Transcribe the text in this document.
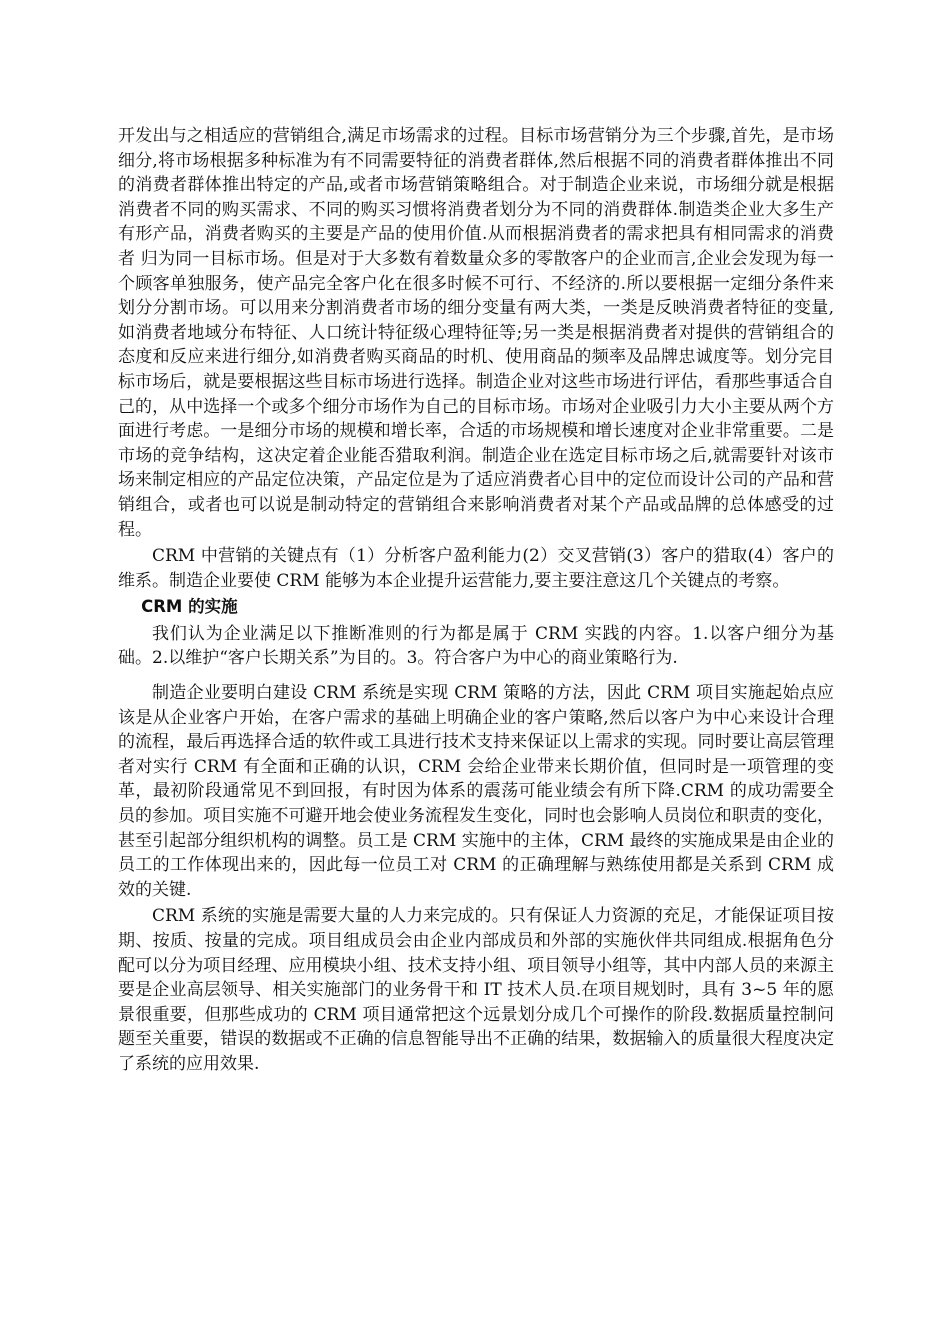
开发出与之相适应的营销组合,满足市场需求的过程。目标市场营销分为三个步骤,首先，是市场细分,将市场根据多种标准为有不同需要特征的消费者群体,然后根据不同的消费者群体推出不同的消费者群体推出特定的产品,或者市场营销策略组合。对于制造企业来说，市场细分就是根据消费者不同的购买需求、不同的购买习惯将消费者划分为不同的消费群体.制造类企业大多生产有形产品，消费者购买的主要是产品的使用价值.从而根据消费者的需求把具有相同需求的消费者 归为同一目标市场。但是对于大多数有着数量众多的零散客户的企业而言,企业会发现为每一个顾客单独服务，使产品完全客户化在很多时候不可行、不经济的.所以要根据一定细分条件来划分分割市场。可以用来分割消费者市场的细分变量有两大类，一类是反映消费者特征的变量,如消费者地域分布特征、人口统计特征级心理特征等;另一类是根据消费者对提供的营销组合的态度和反应来进行细分,如消费者购买商品的时机、使用商品的频率及品牌忠诚度等。划分完目标市场后，就是要根据这些目标市场进行选择。制造企业对这些市场进行评估，看那些事适合自己的，从中选择一个或多个细分市场作为自己的目标市场。市场对企业吸引力大小主要从两个方面进行考虑。一是细分市场的规模和增长率，合适的市场规模和增长速度对企业非常重要。二是市场的竞争结构，这决定着企业能否猎取利润。制造企业在选定目标市场之后,就需要针对该市场来制定相应的产品定位决策，产品定位是为了适应消费者心目中的定位而设计公司的产品和营销组合，或者也可以说是制动特定的营销组合来影响消费者对某个产品或品牌的总体感受的过程。

CRM 中营销的关键点有（1）分析客户盈利能力(2）交叉营销(3）客户的猎取(4）客户的维系。制造企业要使 CRM 能够为本企业提升运营能力,要主要注意这几个关键点的考察。

CRM 的实施

我们认为企业满足以下推断准则的行为都是属于 CRM 实践的内容。1.以客户细分为基础。2.以维护“客户长期关系”为目的。3。符合客户为中心的商业策略行为.

制造企业要明白建设 CRM 系统是实现 CRM 策略的方法，因此 CRM 项目实施起始点应该是从企业客户开始，在客户需求的基础上明确企业的客户策略,然后以客户为中心来设计合理的流程，最后再选择合适的软件或工具进行技术支持来保证以上需求的实现。同时要让高层管理者对实行 CRM 有全面和正确的认识，CRM 会给企业带来长期价值，但同时是一项管理的变革，最初阶段通常见不到回报，有时因为体系的震荡可能业绩会有所下降.CRM 的成功需要全员的参加。项目实施不可避开地会使业务流程发生变化，同时也会影响人员岗位和职责的变化，甚至引起部分组织机构的调整。员工是 CRM 实施中的主体，CRM 最终的实施成果是由企业的员工的工作体现出来的，因此每一位员工对 CRM 的正确理解与熟练使用都是关系到 CRM 成效的关键.

CRM 系统的实施是需要大量的人力来完成的。只有保证人力资源的充足，才能保证项目按期、按质、按量的完成。项目组成员会由企业内部成员和外部的实施伙伴共同组成.根据角色分配可以分为项目经理、应用模块小组、技术支持小组、项目领导小组等，其中内部人员的来源主要是企业高层领导、相关实施部门的业务骨干和 IT 技术人员.在项目规划时，具有 3~5 年的愿景很重要，但那些成功的 CRM 项目通常把这个远景划分成几个可操作的阶段.数据质量控制问题至关重要，错误的数据或不正确的信息智能导出不正确的结果，数据输入的质量很大程度决定了系统的应用效果.
